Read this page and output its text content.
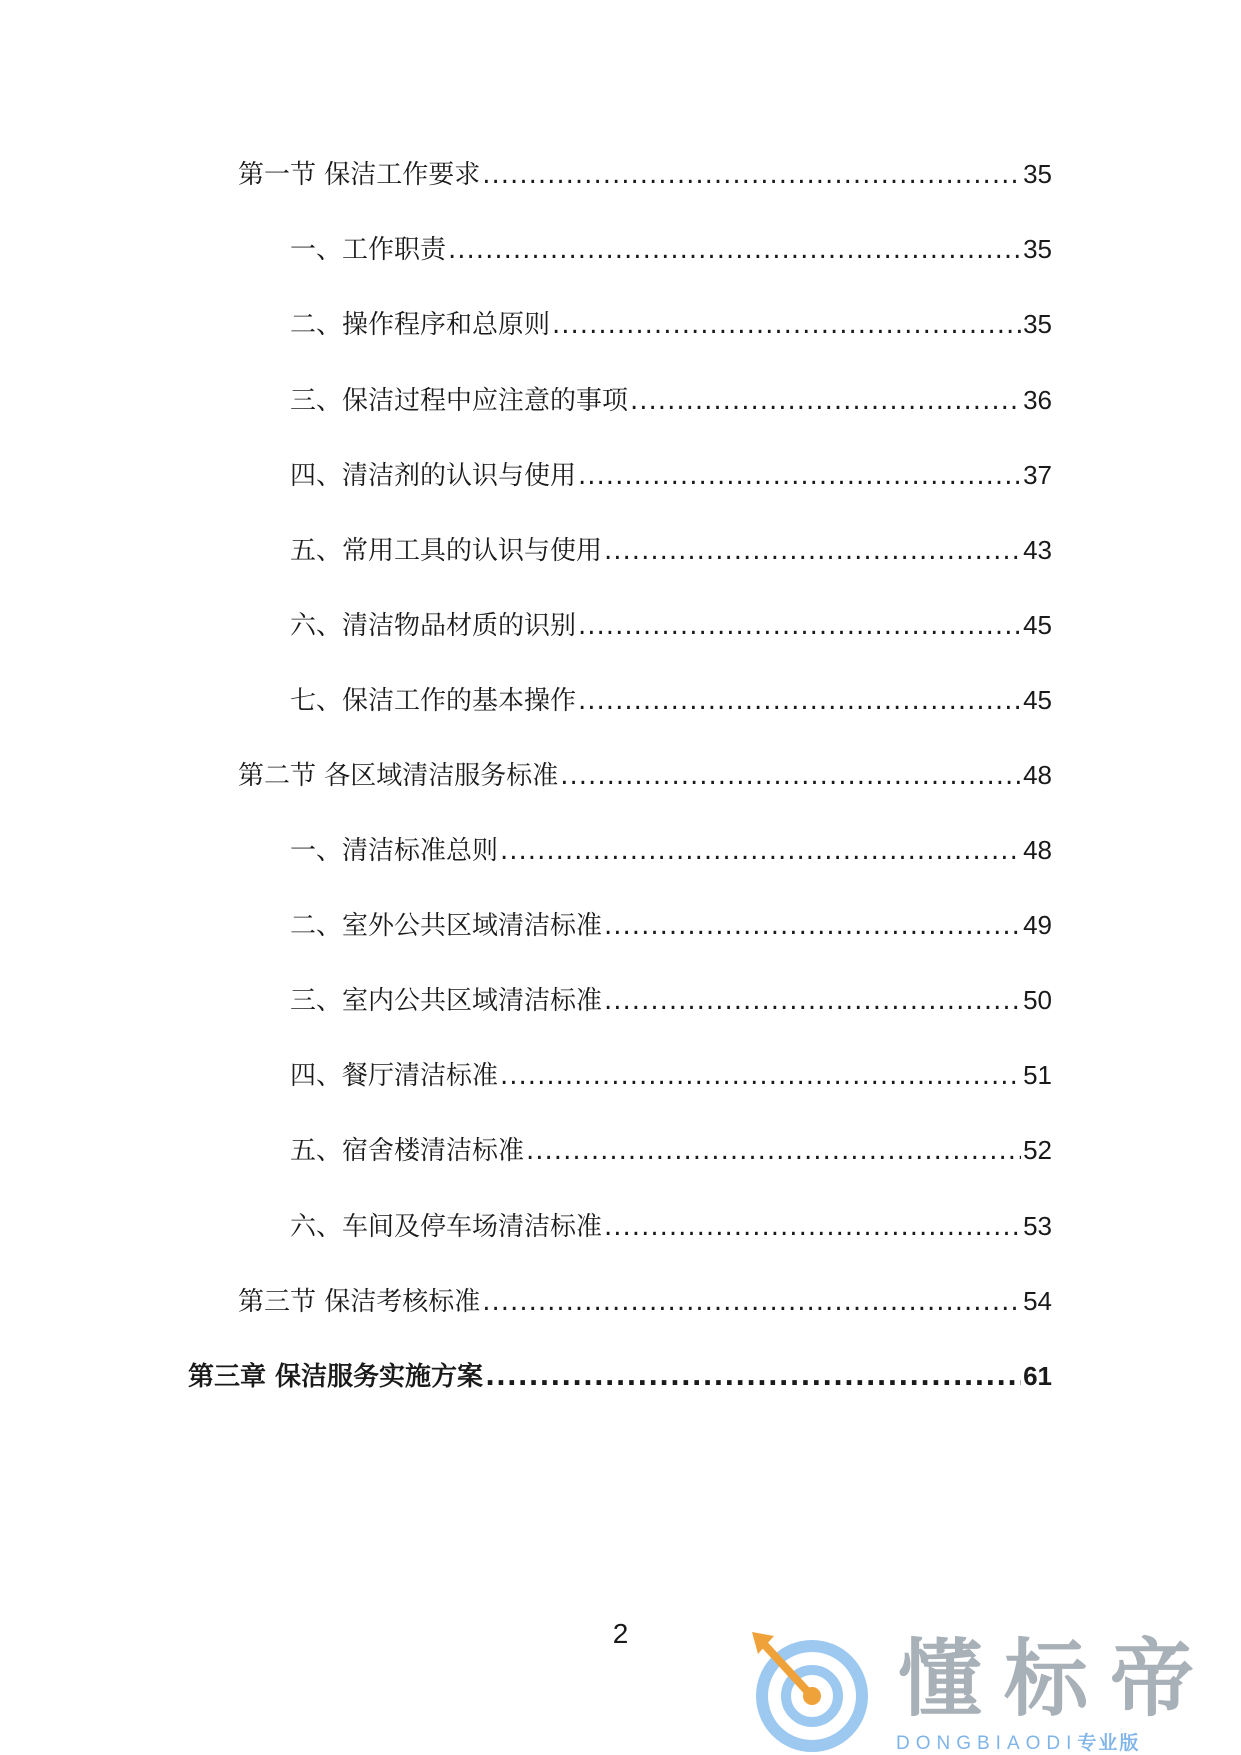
第一节 保洁工作要求 .....	35
一、工作职责 .....	35
二、操作程序和总原则 .....	35
三、保洁过程中应注意的事项 .....	36
四、清洁剂的认识与使用 .....	37
五、常用工具的认识与使用 .....	43
六、清洁物品材质的识别 .....	45
七、保洁工作的基本操作 .....	45
第二节 各区域清洁服务标准 .....	48
一、清洁标准总则 .....	48
二、室外公共区域清洁标准 .....	49
三、室内公共区域清洁标准 .....	50
四、餐厅清洁标准 .....	51
五、宿舍楼清洁标准 .....	52
六、车间及停车场清洁标准 .....	53
第三节 保洁考核标准 .....	54
第三章 保洁服务实施方案 .....	61
2	懂标帝
DONGBIAODI专业版
